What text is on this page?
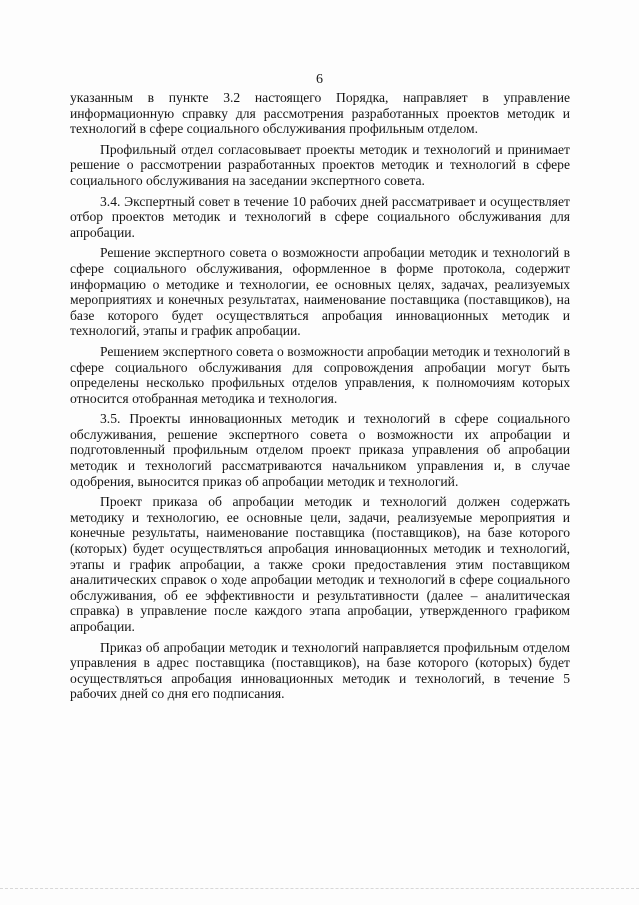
6

указанным в пункте 3.2 настоящего Порядка, направляет в управление информационную справку для рассмотрения разработанных проектов методик и технологий в сфере социального обслуживания профильным отделом.

Профильный отдел согласовывает проекты методик и технологий и принимает решение о рассмотрении разработанных проектов методик и технологий в сфере социального обслуживания на заседании экспертного совета.

3.4. Экспертный совет в течение 10 рабочих дней рассматривает и осуществляет отбор проектов методик и технологий в сфере социального обслуживания для апробации.

Решение экспертного совета о возможности апробации методик и технологий в сфере социального обслуживания, оформленное в форме протокола, содержит информацию о методике и технологии, ее основных целях, задачах, реализуемых мероприятиях и конечных результатах, наименование поставщика (поставщиков), на базе которого будет осуществляться апробация инновационных методик и технологий, этапы и график апробации.

Решением экспертного совета о возможности апробации методик и технологий в сфере социального обслуживания для сопровождения апробации могут быть определены несколько профильных отделов управления, к полномочиям которых относится отобранная методика и технология.

3.5. Проекты инновационных методик и технологий в сфере социального обслуживания, решение экспертного совета о возможности их апробации и подготовленный профильным отделом проект приказа управления об апробации методик и технологий рассматриваются начальником управления и, в случае одобрения, выносится приказ об апробации методик и технологий.

Проект приказа об апробации методик и технологий должен содержать методику и технологию, ее основные цели, задачи, реализуемые мероприятия и конечные результаты, наименование поставщика (поставщиков), на базе которого (которых) будет осуществляться апробация инновационных методик и технологий, этапы и график апробации, а также сроки предоставления этим поставщиком аналитических справок о ходе апробации методик и технологий в сфере социального обслуживания, об ее эффективности и результативности (далее – аналитическая справка) в управление после каждого этапа апробации, утвержденного графиком апробации.

Приказ об апробации методик и технологий направляется профильным отделом управления в адрес поставщика (поставщиков), на базе которого (которых) будет осуществляться апробация инновационных методик и технологий, в течение 5 рабочих дней со дня его подписания.
